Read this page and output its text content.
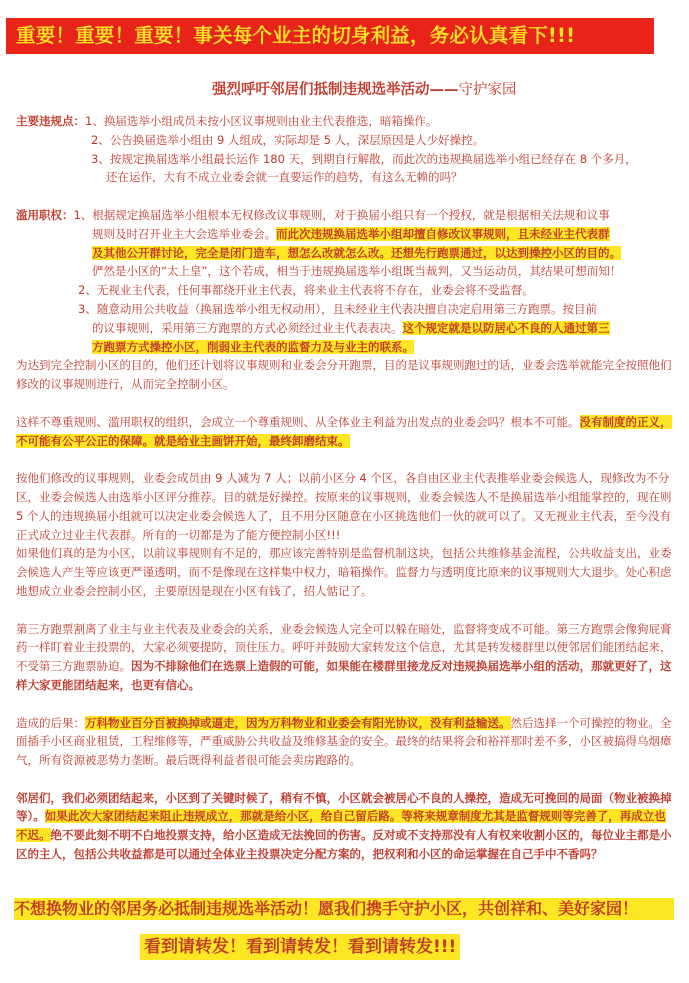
重要！重要！重要！事关每个业主的切身利益，务必认真看下!!!
强烈呼吁邻居们抵制违规选举活动——守护家园

主要违规点：1、换届选举小组成员未按小区议事规则由业主代表推选，暗箱操作。

2、公告换届选举小组由 9 人组成，实际却是 5 人，深层原因是人少好操控。

3、按规定换届选举小组最长运作 180 天，到期自行解散，而此次的违规换届选举小组已经存在 8 个多月，

还在运作，大有不成立业委会就一直要运作的趋势，有这么无赖的吗？

滥用职权：1、根据规定换届选举小组根本无权修改议事规则，对于换届小组只有一个授权，就是根据相关法规和议事

规则及时召开业主大会选举业委会。而此次违规换届选举小组却擅自修改议事规则，且未经业主代表群

及其他公开群讨论，完全是闭门造车，想怎么改就怎么改。还想先行跑票通过，以达到操控小区的目的。

俨然是小区的“太上皇”，这个若成，相当于违规换届选举小组既当裁判，又当运动员，其结果可想而知！

2、无视业主代表，任何事都绕开业主代表，将来业主代表将不存在，业委会将不受监督。

3、随意动用公共收益（换届选举小组无权动用），且未经业主代表决擅自决定启用第三方跑票。按目前

的议事规则，采用第三方跑票的方式必须经过业主代表表决。这个规定就是以防居心不良的人通过第三

方跑票方式操控小区，削弱业主代表的监督力及与业主的联系。

为达到完全控制小区的目的，他们还计划将议事规则和业委会分开跑票，目的是议事规则跑过的话，业委会选举就能完全按照他们修改的议事规则进行，从而完全控制小区。

这样不尊重规则、滥用职权的组织，会成立一个尊重规则、从全体业主利益为出发点的业委会吗？根本不可能。没有制度的正义，不可能有公平公正的保障。就是给业主画饼开始，最终卸磨结束。

按他们修改的议事规则，业委会成员由 9 人减为 7 人；以前小区分 4 个区，各自由区业主代表推举业委会候选人，现修改为不分区，业委会候选人由选举小区评分推荐。目的就是好操控。按原来的议事规则，业委会候选人不是换届选举小组能掌控的，现在则 5 个人的违规换届小组就可以决定业委会候选人了，且不用分区随意在小区挑选他们一伙的就可以了。又无视业主代表，至今没有正式成立过业主代表群。所有的一切都是为了能方便控制小区!!!

如果他们真的是为小区，以前议事规则有不足的，那应该完善特别是监督机制这块，包括公共维修基金流程，公共收益支出，业委会候选人产生等应该更严谨透明，而不是像现在这样集中权力，暗箱操作。监督力与透明度比原来的议事规则大大退步。处心积虑地想成立业委会控制小区，主要原因是现在小区有钱了，招人惦记了。

第三方跑票割离了业主与业主代表及业委会的关系，业委会候选人完全可以躲在暗处，监督将变成不可能。第三方跑票会像狗屁膏药一样盯着业主投票的，大家必须要提防，顶住压力。呼吁并鼓励大家转发这个信息，尤其是转发楼群里以便邻居们能团结起来，不受第三方跑票胁迫。因为不排除他们在选票上造假的可能，如果能在楼群里接龙反对违规换届选举小组的活动，那就更好了，这样大家更能团结起来，也更有信心。

造成的后果：万科物业百分百被换掉或逼走，因为万科物业和业委会有阳光协议，没有利益输送。然后选择一个可操控的物业。全面插手小区商业租赁，工程维修等，严重威胁公共收益及维修基金的安全。最终的结果将会和裕祥那时差不多，小区被搞得乌烟瘴气，所有资源被恶势力垄断。最后既得利益者很可能会卖房跑路的。

邻居们，我们必须团结起来，小区到了关键时候了，稍有不慎，小区就会被居心不良的人操控，造成无可挽回的局面（物业被换掉等）。如果此次大家团结起来阻止违规成立，那就是给小区，给自己留后路。等将来规章制度尤其是监督规则等完善了，再成立也不迟。绝不要此刻不明不白地投票支持，给小区造成无法挽回的伤害。反对或不支持那没有人有权来收割小区的，每位业主都是小区的主人，包括公共收益都是可以通过全体业主投票决定分配方案的，把权利和小区的命运掌握在自己手中不香吗？

不想换物业的邻居务必抵制违规选举活动！愿我们携手守护小区，共创祥和、美好家园！
看到请转发！看到请转发！看到请转发!!!
